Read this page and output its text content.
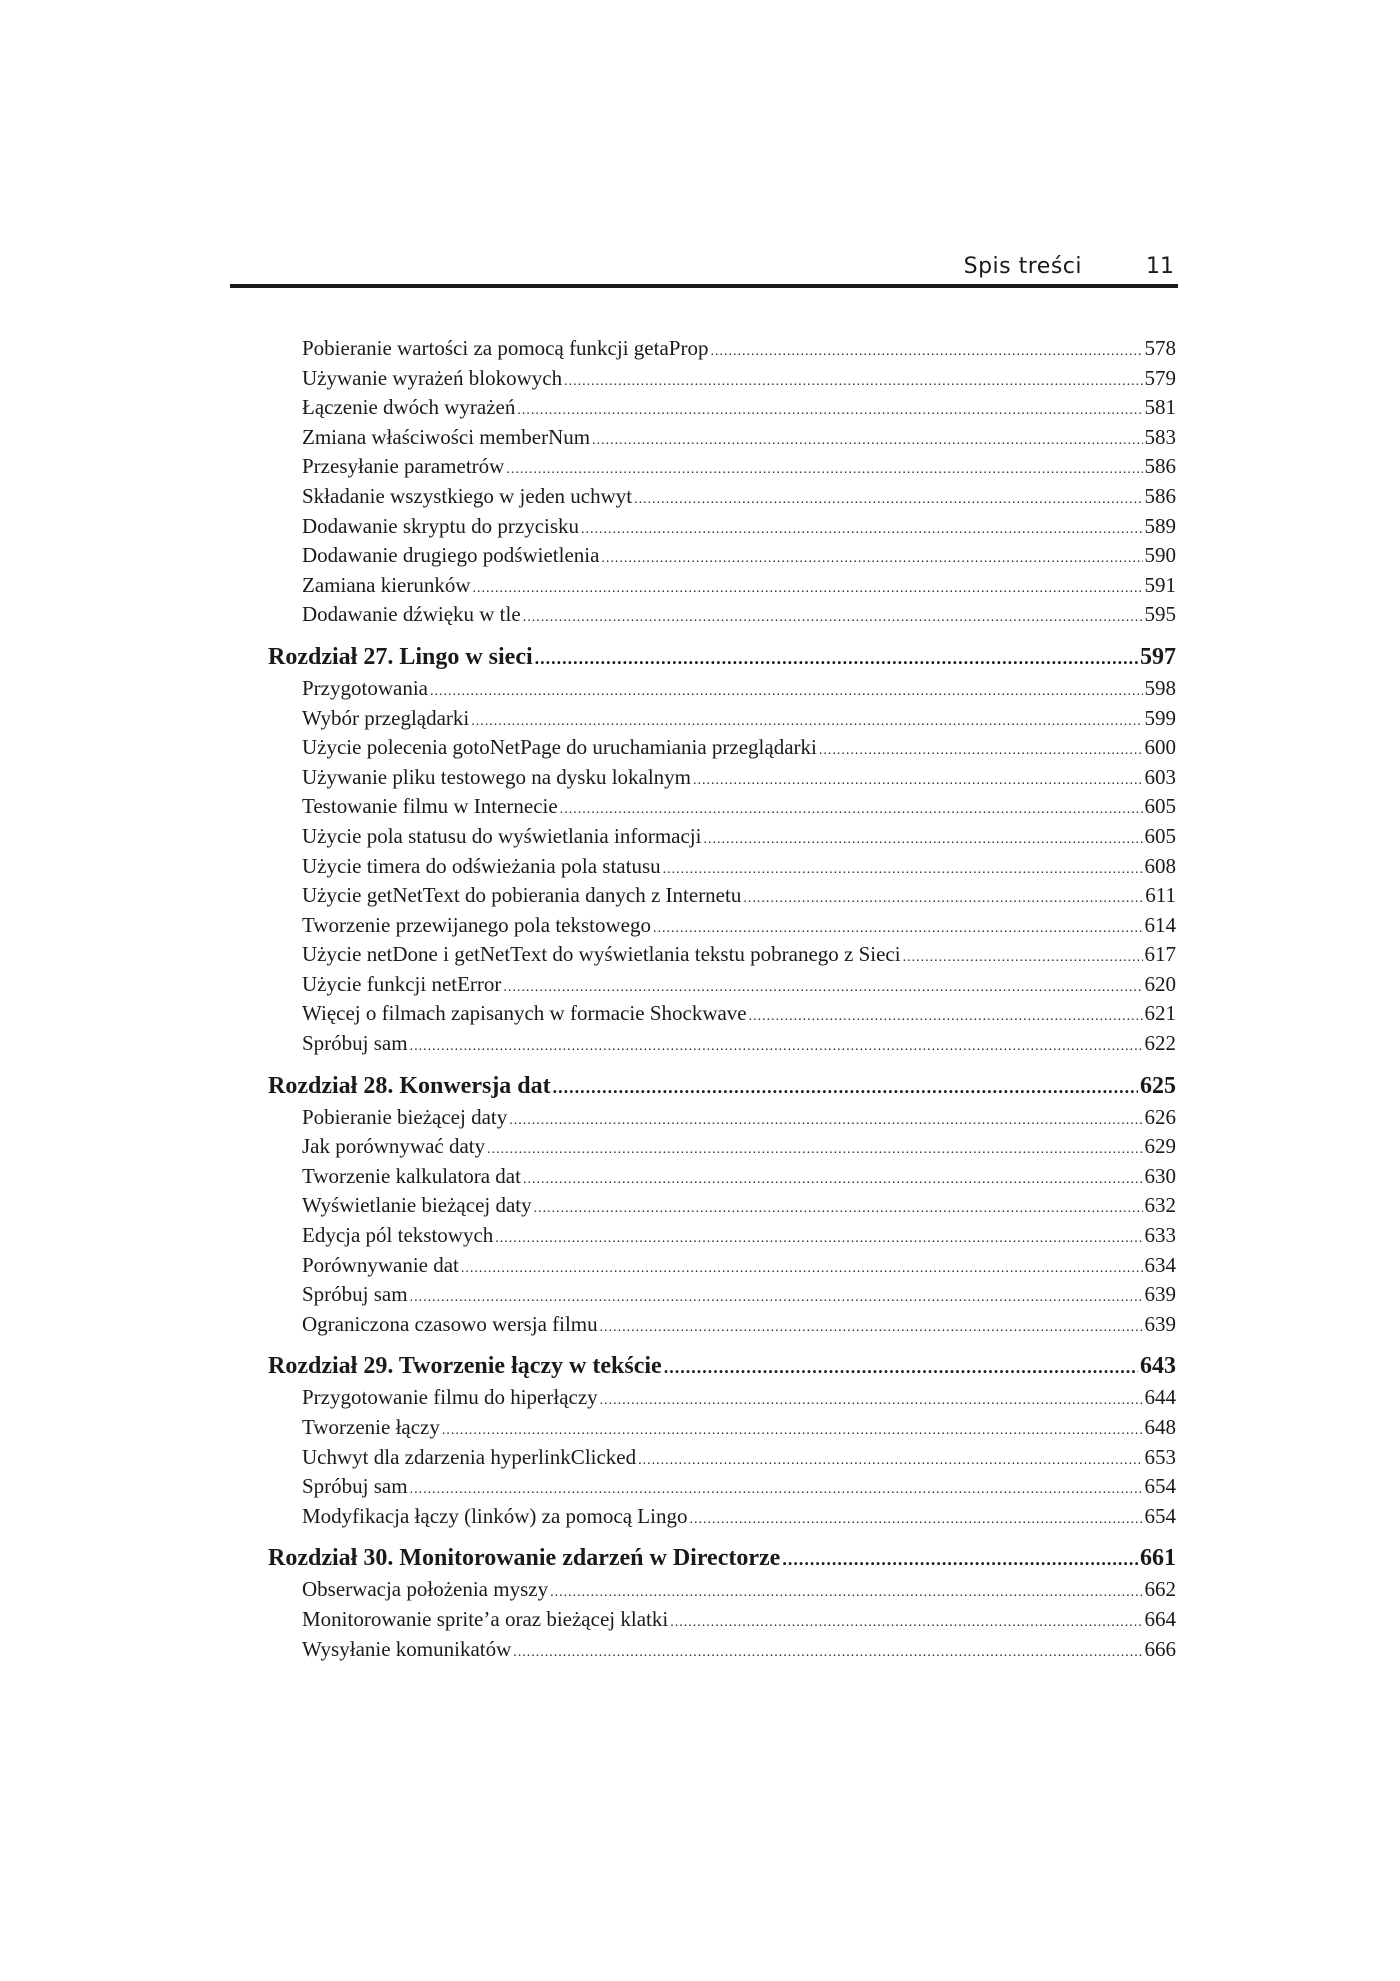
Spis treści	11
Pobieranie wartości za pomocą funkcji getaProp .....	578
Używanie wyrażeń blokowych .....	579
Łączenie dwóch wyrażeń .....	581
Zmiana właściwości memberNum .....	583
Przesyłanie parametrów .....	586
Składanie wszystkiego w jeden uchwyt .....	586
Dodawanie skryptu do przycisku .....	589
Dodawanie drugiego podświetlenia .....	590
Zamiana kierunków .....	591
Dodawanie dźwięku w tle .....	595
Rozdział 27. Lingo w sieci .....	597
Przygotowania .....	598
Wybór przeglądarki .....	599
Użycie polecenia gotoNetPage do uruchamiania przeglądarki .....	600
Używanie pliku testowego na dysku lokalnym .....	603
Testowanie filmu w Internecie .....	605
Użycie pola statusu do wyświetlania informacji .....	605
Użycie timera do odświeżania pola statusu .....	608
Użycie getNetText do pobierania danych z Internetu .....	611
Tworzenie przewijanego pola tekstowego .....	614
Użycie netDone i getNetText do wyświetlania tekstu pobranego z Sieci .....	617
Użycie funkcji netError .....	620
Więcej o filmach zapisanych w formacie Shockwave .....	621
Spróbuj sam .....	622
Rozdział 28. Konwersja dat .....	625
Pobieranie bieżącej daty .....	626
Jak porównywać daty .....	629
Tworzenie kalkulatora dat .....	630
Wyświetlanie bieżącej daty .....	632
Edycja pól tekstowych .....	633
Porównywanie dat .....	634
Spróbuj sam .....	639
Ograniczona czasowo wersja filmu .....	639
Rozdział 29. Tworzenie łączy w tekście .....	643
Przygotowanie filmu do hiperłączy .....	644
Tworzenie łączy .....	648
Uchwyt dla zdarzenia hyperlinkClicked .....	653
Spróbuj sam .....	654
Modyfikacja łączy (linków) za pomocą Lingo .....	654
Rozdział 30. Monitorowanie zdarzeń w Directorze .....	661
Obserwacja położenia myszy .....	662
Monitorowanie sprite’a oraz bieżącej klatki .....	664
Wysyłanie komunikatów .....	666
